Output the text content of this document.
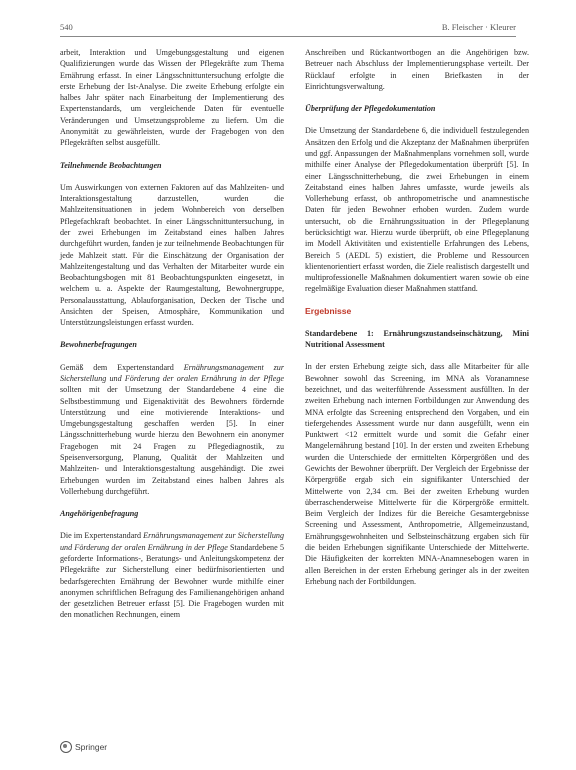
540	B. Fleischer · Kleurer

arbeit, Interaktion und Umgebungsgestaltung und eigenen Qualifizierungen wurde das Wissen der Pflegekräfte zum Thema Ernährung erfasst. In einer Längsschnittuntersuchung erfolgte die erste Erhebung der Ist-Analyse. Die zweite Erhebung erfolgte ein halbes Jahr später nach Einarbeitung der Implementierung des Expertenstandards, um vergleichende Daten für eventuelle Veränderungen und Umsetzungsprobleme zu liefern. Um die Anonymität zu gewährleisten, wurde der Fragebogen von den Pflegekräften selbst ausgefüllt.

Teilnehmende Beobachtungen

Um Auswirkungen von externen Faktoren auf das Mahlzeiten- und Interaktionsgestaltung darzustellen, wurden die Mahlzeitensituationen in jedem Wohnbereich von derselben Pflegefachkraft beobachtet. In einer Längsschnittuntersuchung, in der zwei Erhebungen im Zeitabstand eines halben Jahres durchgeführt wurden, fanden je zur teilnehmende Beobachtungen für jede Mahlzeit statt. Für die Einschätzung der Organisation der Mahlzeitengestaltung und das Verhalten der Mitarbeiter wurde ein Beobachtungsbogen mit 81 Beobachtungspunkten eingesetzt, in welchem u. a. Aspekte der Raumgestaltung, Bewohnergruppe, Personalausstattung, Ablauforganisation, Decken der Tische und Ansichten der Speisen, Atmosphäre, Kommunikation und Unterstützungsleistungen erfasst wurden.

Bewohnerbefragungen

Gemäß dem Expertenstandard Ernährungsmanagement zur Sicherstellung und Förderung der oralen Ernährung in der Pflege sollten mit der Umsetzung der Standardebene 4 eine die Selbstbestimmung und Eigenaktivität des Bewohners fördernde Unterstützung und eine motivierende Interaktions- und Umgebungsgestaltung geschaffen werden [5]. In einer Längsschnitterhebung wurde hierzu den Bewohnern ein anonymer Fragebogen mit 24 Fragen zu Pflegediagnostik, zu Speisenversorgung, Planung, Qualität der Mahlzeiten und Mahlzeiten- und Interaktionsgestaltung ausgehändigt. Die zwei Erhebungen wurden im Zeitabstand eines halben Jahres als Vollerhebung durchgeführt.

Angehörigenbefragung

Die im Expertenstandard Ernährungsmanagement zur Sicherstellung und Förderung der oralen Ernährung in der Pflege Standardebene 5 geforderte Informations-, Beratungs- und Anleitungskompetenz der Pflegekräfte zur Sicherstellung einer bedürfnisorientierten und bedarfsgerechten Ernährung der Bewohner wurde mithilfe einer anonymen schriftlichen Befragung des Familienangehörigen anhand der gesetzlichen Betreuer erfasst [5]. Die Fragebogen wurden mit den monatlichen Rechnungen, einem

Anschreiben und Rückantwortbogen an die Angehörigen bzw. Betreuer nach Abschluss der Implementierungsphase verteilt. Der Rücklauf erfolgte in einen Briefkasten in der Einrichtungsverwaltung.

Überprüfung der Pflegedokumentation

Die Umsetzung der Standardebene 6, die individuell festzulegenden Ansätzen den Erfolg und die Akzeptanz der Maßnahmen überprüfen und ggf. Anpassungen der Maßnahmenplans vornehmen soll, wurde mithilfe einer Analyse der Pflegedokumentation überprüft [5]. In einer Längsschnitterhebung, die zwei Erhebungen in einem Zeitabstand eines halben Jahres umfasste, wurde jeweils als Vollerhebung erfasst, ob anthropometrische und anamnestische Daten für jeden Bewohner erhoben wurden. Zudem wurde untersucht, ob die Ernährungssituation in der Pflegeplanung berücksichtigt war. Hierzu wurde überprüft, ob eine Pflegeplanung im Modell Aktivitäten und existentielle Erfahrungen des Lebens, Bereich 5 (AEDL 5) existiert, die Probleme und Ressourcen klientenorientiert erfasst worden, die Ziele realistisch dargestellt und multiprofessionelle Maßnahmen dokumentiert waren sowie ob eine regelmäßige Evaluation dieser Maßnahmen stattfand.

Ergebnisse
Standardebene 1: Ernährungszustandseinschätzung, Mini Nutritional Assessment

In der ersten Erhebung zeigte sich, dass alle Mitarbeiter für alle Bewohner sowohl das Screening, im MNA als Voranamnese bezeichnet, und das weiterführende Assessment ausfüllten. In der zweiten Erhebung nach internen Fortbildungen zur Anwendung des MNA erfolgte das Screening entsprechend den Vorgaben, und ein tiefergehendes Assessment wurde nur dann ausgefüllt, wenn ein Punktwert <12 ermittelt wurde und somit die Gefahr einer Mangelernährung bestand [10]. In der ersten und zweiten Erhebung wurden die Unterschiede der ermittelten Körpergrößen und des Gewichts der Bewohner überprüft. Der Vergleich der Ergebnisse der Körpergröße ergab sich ein signifikanter Unterschied der Mittelwerte von 2,34 cm. Bei der zweiten Erhebung wurden überraschenderweise Mittelwerte für die Körpergröße ermittelt. Beim Vergleich der Indizes für die Bereiche Gesamtergebnisse Screening und Assessment, Anthropometrie, Allgemeinzustand, Ernährungsgewohnheiten und Selbsteinschätzung ergaben sich für die beiden Erhebungen signifikante Unterschiede der Mittelwerte. Die Häufigkeiten der korrekten MNA-Anamnesebogen waren in allen Bereichen in der ersten Erhebung geringer als in der zweiten Erhebung nach der Fortbildungen.

Springer
